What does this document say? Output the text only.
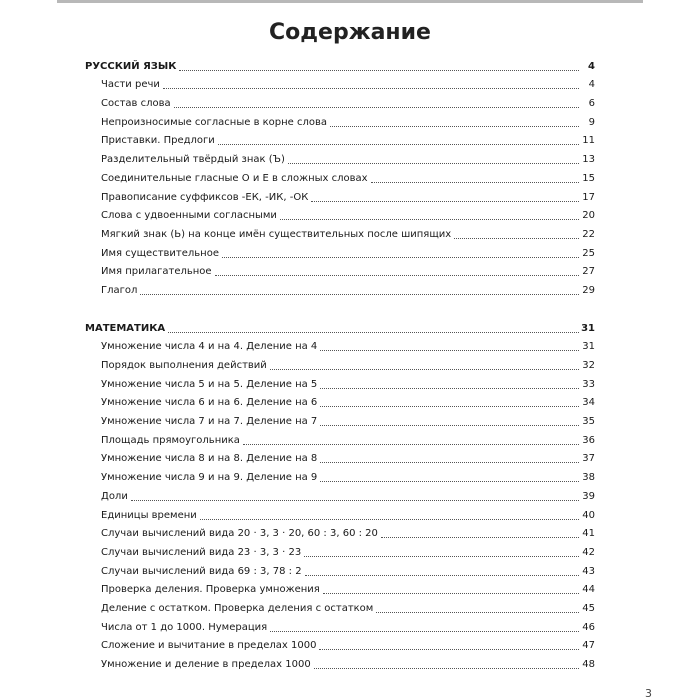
Содержание
РУССКИЙ ЯЗЫК	4
Части речи	4
Состав слова	6
Непроизносимые согласные в корне слова	9
Приставки. Предлоги	11
Разделительный твёрдый знак (Ъ)	13
Соединительные гласные О и Е в сложных словах	15
Правописание суффиксов -ЕК, -ИК, -ОК	17
Слова с удвоенными согласными	20
Мягкий знак (Ь) на конце имён существительных после шипящих	22
Имя существительное	25
Имя прилагательное	27
Глагол	29
МАТЕМАТИКА	31
Умножение числа 4 и на 4. Деление на 4	31
Порядок выполнения действий	32
Умножение числа 5 и на 5. Деление на 5	33
Умножение числа 6 и на 6. Деление на 6	34
Умножение числа 7 и на 7. Деление на 7	35
Площадь прямоугольника	36
Умножение числа 8 и на 8. Деление на 8	37
Умножение числа 9 и на 9. Деление на 9	38
Доли	39
Единицы времени	40
Случаи вычислений вида 20 · 3, 3 · 20, 60 : 3, 60 : 20	41
Случаи вычислений вида 23 · 3, 3 · 23	42
Случаи вычислений вида 69 : 3, 78 : 2	43
Проверка деления. Проверка умножения	44
Деление с остатком. Проверка деления с остатком	45
Числа от 1 до 1000. Нумерация	46
Сложение и вычитание в пределах 1000	47
Умножение и деление в пределах 1000	48
3
